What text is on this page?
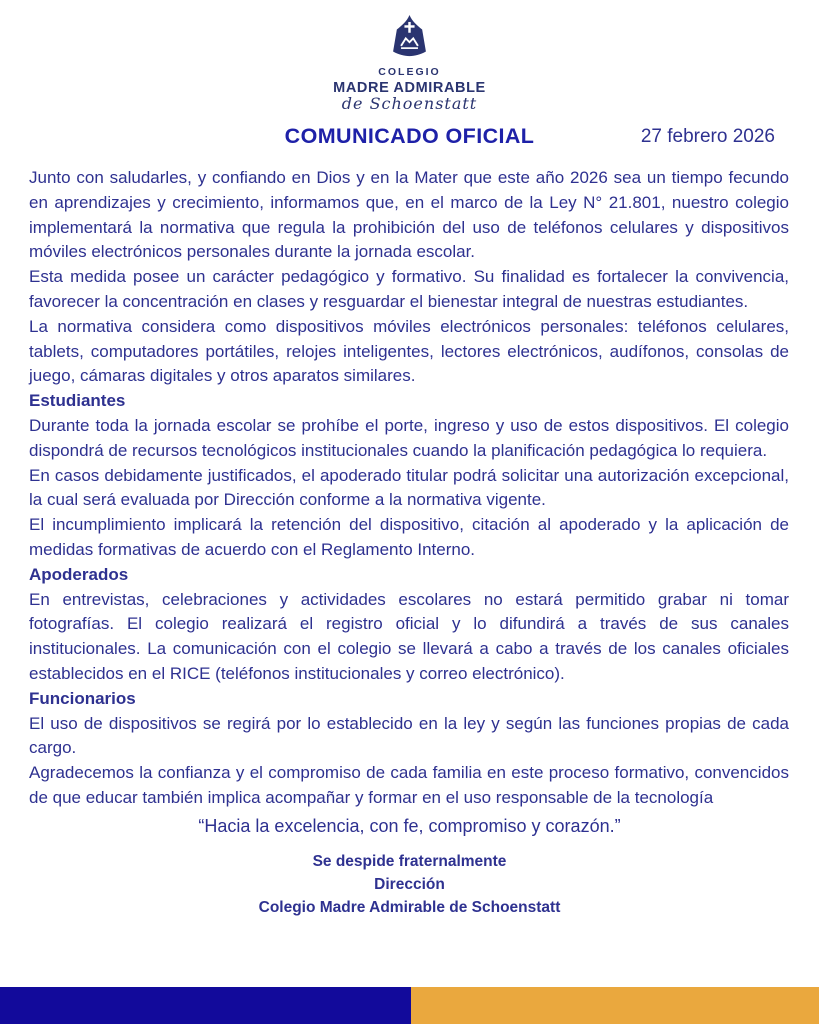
COLEGIO
MADRE ADMIRABLE
de Schoenstatt
COMUNICADO OFICIAL	27 febrero 2026

Junto con saludarles, y confiando en Dios y en la Mater que este año 2026 sea un tiempo fecundo en aprendizajes y crecimiento, informamos que, en el marco de la Ley N° 21.801, nuestro colegio implementará la normativa que regula la prohibición del uso de teléfonos celulares y dispositivos móviles electrónicos personales durante la jornada escolar.

Esta medida posee un carácter pedagógico y formativo. Su finalidad es fortalecer la convivencia, favorecer la concentración en clases y resguardar el bienestar integral de nuestras estudiantes.

La normativa considera como dispositivos móviles electrónicos personales: teléfonos celulares, tablets, computadores portátiles, relojes inteligentes, lectores electrónicos, audífonos, consolas de juego, cámaras digitales y otros aparatos similares.

Estudiantes

Durante toda la jornada escolar se prohíbe el porte, ingreso y uso de estos dispositivos. El colegio dispondrá de recursos tecnológicos institucionales cuando la planificación pedagógica lo requiera.

En casos debidamente justificados, el apoderado titular podrá solicitar una autorización excepcional, la cual será evaluada por Dirección conforme a la normativa vigente.

El incumplimiento implicará la retención del dispositivo, citación al apoderado y la aplicación de medidas formativas de acuerdo con el Reglamento Interno.

Apoderados

En entrevistas, celebraciones y actividades escolares no estará permitido grabar ni tomar fotografías. El colegio realizará el registro oficial y lo difundirá a través de sus canales institucionales. La comunicación con el colegio se llevará a cabo a través de los canales oficiales establecidos en el RICE (teléfonos institucionales y correo electrónico).

Funcionarios

El uso de dispositivos se regirá por lo establecido en la ley y según las funciones propias de cada cargo.

Agradecemos la confianza y el compromiso de cada familia en este proceso formativo, convencidos de que educar también implica acompañar y formar en el uso responsable de la tecnología

“Hacia la excelencia, con fe, compromiso y corazón.”
Se despide fraternalmente
Dirección
Colegio Madre Admirable de Schoenstatt
